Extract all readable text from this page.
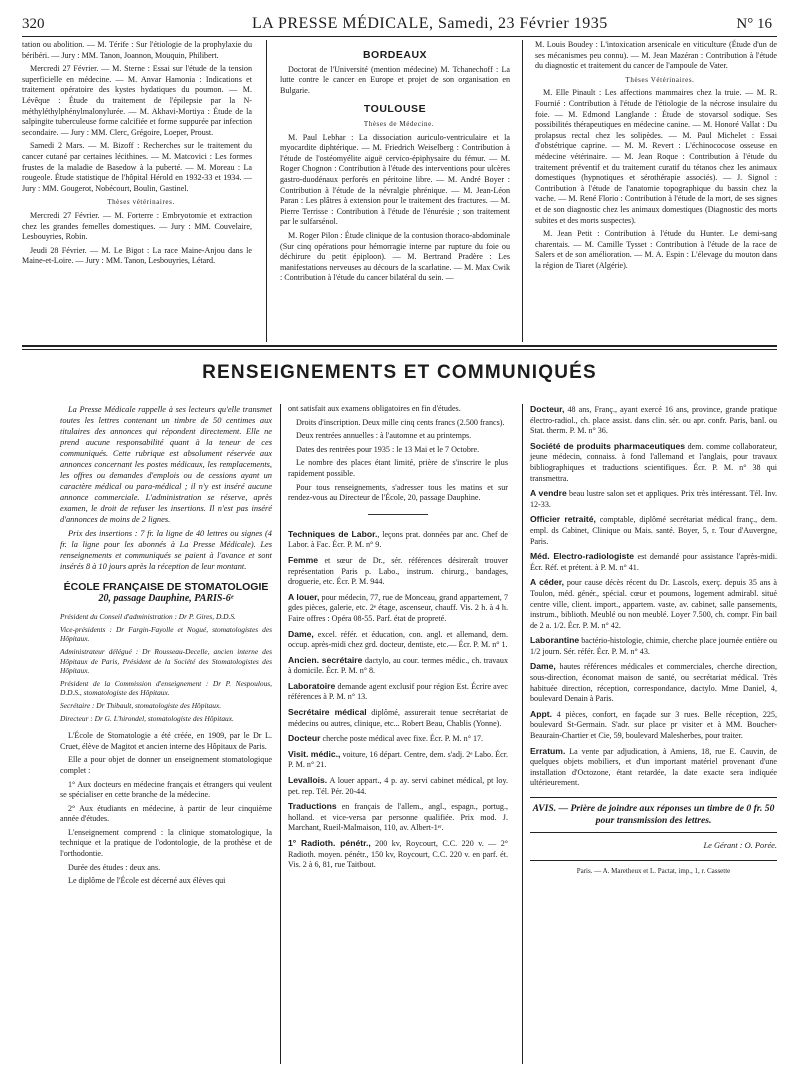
320	LA PRESSE MÉDICALE, Samedi, 23 Février 1935	N° 16

tation ou abolition. — M. Térife : Sur l'étiologie de la prophylaxie du béribéri. — Jury : MM. Tanon, Joannon, Mouquin, Philibert.

Mercredi 27 Février. — M. Sterne : Essai sur l'étude de la tension superficielle en médecine. — M. Anvar Hamonia : Indications et traitement opératoire des kystes hydatiques du poumon. — M. Lévêque : Étude du traitement de l'épilepsie par la N-méthyléthylphénylmalonylurée. — M. Akhavi-Mortiya : Étude de la salpingite tuberculeuse forme calcifiée et forme suppurée par infection secondaire. — Jury : MM. Clerc, Grégoire, Loeper, Proust.

Samedi 2 Mars. — M. Bizoff : Recherches sur le traitement du cancer cutané par certaines lécithines. — M. Matcovici : Les formes frustes de la maladie de Basedow à la puberté. — M. Moreau : La rougeole. Étude statistique de l'hôpital Hérold en 1932-33 et 1934. — Jury : MM. Gougerot, Nobécourt, Boulin, Gastinel.

Thèses vétérinaires.

Mercredi 27 Février. — M. Forterre : Embryotomie et extraction chez les grandes femelles domestiques. — Jury : MM. Couvelaire, Lesbouyries, Robin.

Jeudi 28 Février. — M. Le Bigot : La race Maine-Anjou dans le Maine-et-Loire. — Jury : MM. Tanon, Lesbouyries, Létard.

BORDEAUX

Doctorat de l'Université (mention médecine) M. Tchanechoff : La lutte contre le cancer en Europe et projet de son organisation en Bulgarie.

TOULOUSE

Thèses de Médecine.

M. Paul Lebhar : La dissociation auriculo-ventriculaire et la myocardite diphtérique. — M. Friedrich Weiselberg : Contribution à l'étude de l'ostéomyélite aiguë cervico-épiphysaire du fémur. — M. Roger Chognon : Contribution à l'étude des interventions pour ulcères gastro-duodénaux perforés en péritoine libre. — M. André Boyer : Contribution à l'étude de la névralgie phrénique. — M. Jean-Léon Paran : Les plâtres à extension pour le traitement des fractures. — M. Pierre Terrisse : Contribution à l'étude de l'énurésie ; son traitement par le sulfarsénol.

M. Roger Pilon : Étude clinique de la contusion thoraco-abdominale (Sur cinq opérations pour hémorragie interne par rupture du foie ou déchirure du petit épiploon). — M. Bertrand Pradère : Les manifestations nerveuses au décours de la scarlatine. — M. Max Cwik : Contribution à l'étude du cancer bilatéral du sein. —

M. Louis Boudey : L'intoxication arsenicale en viticulture (Étude d'un de ses mécanismes peu connu). — M. Jean Mazéran : Contribution à l'étude du diagnostic et traitement du cancer de l'ampoule de Vater.

Thèses Vétérinaires.

M. Elle Pinault : Les affections mammaires chez la truie. — M. R. Fournié : Contribution à l'étude de l'étiologie de la nécrose insulaire du foie. — M. Edmond Langlande : Étude de stovarsol sodique. Ses possibilités thérapeutiques en médecine canine. — M. Honoré Vallat : Du prolapsus rectal chez les solipèdes. — M. Paul Michelet : Essai d'obstétrique caprine. — M. M. Revert : L'échinococose osseuse en médecine vétérinaire. — M. Jean Roque : Contribution à l'étude du traitement préventif et du traitement curatif du tétanos chez les animaux domestiques (hypnotiques et sérothérapie associés). — J. Signol : Contribution à l'étude de l'anatomie topographique du bassin chez la vache. — M. René Florio : Contribution à l'étude de la mort, de ses signes et de son diagnostic chez les animaux domestiques (Diagnostic des morts subites et des morts suspectes).

M. Jean Petit : Contribution à l'étude du Hunter. Le demi-sang charentais. — M. Camille Tysset : Contribution à l'étude de la race de Salers et de son amélioration. — M. A. Espin : L'élevage du mouton dans la région de Tiaret (Algérie).

RENSEIGNEMENTS ET COMMUNIQUÉS

La Presse Médicale rappelle à ses lecteurs qu'elle transmet toutes les lettres contenant un timbre de 50 centimes aux titulaires des annonces qui répondent directement. Elle ne prend aucune responsabilité quant à la teneur de ces communiqués. Cette rubrique est absolument réservée aux annonces concernant les postes médicaux, les remplacements, les offres ou demandes d'emplois ou de cessions ayant un caractère médical ou para-médical ; il n'y est inséré aucune annonce commerciale. L'administration se réserve, après examen, le droit de refuser les insertions. Il n'est pas inséré d'annonces de moins de 2 lignes.

Prix des insertions : 7 fr. la ligne de 40 lettres ou signes (4 fr. la ligne pour les abonnés à La Presse Médicale). Les renseignements et communiqués se paient à l'avance et sont insérés 8 à 10 jours après la réception de leur montant.

ÉCOLE FRANÇAISE DE STOMATOLOGIE
20, passage Dauphine, PARIS-6ᵉ

Président du Conseil d'administration : Dr P. Gires, D.D.S.

Vice-présidents : Dr Fargin-Fayolle et Nogué, stomatologistes des Hôpitaux.

Administrateur délégué : Dr Rousseau-Decelle, ancien interne des Hôpitaux de Paris, Président de la Société des Stomatologistes des Hôpitaux.

Président de la Commission d'enseignement : Dr P. Nespoulous, D.D.S., stomatologiste des Hôpitaux.

Secrétaire : Dr Thibault, stomatologiste des Hôpitaux.

Directeur : Dr G. L'hirondel, stomatologiste des Hôpitaux.

L'École de Stomatologie a été créée, en 1909, par le Dr L. Cruet, élève de Magitot et ancien interne des Hôpitaux de Paris.

Elle a pour objet de donner un enseignement stomatologique complet :

1° Aux docteurs en médecine français et étrangers qui veulent se spécialiser en cette branche de la médecine.

2° Aux étudiants en médecine, à partir de leur cinquième année d'études.

L'enseignement comprend : la clinique stomatologique, la technique et la pratique de l'odontologie, de la prothèse et de l'orthodontie.

Durée des études : deux ans.

Le diplôme de l'École est décerné aux élèves qui

ont satisfait aux examens obligatoires en fin d'études.

Droits d'inscription. Deux mille cinq cents francs (2.500 francs).

Deux rentrées annuelles : à l'automne et au printemps.

Dates des rentrées pour 1935 : le 13 Mai et le 7 Octobre.

Le nombre des places étant limité, prière de s'inscrire le plus rapidement possible.

Pour tous renseignements, s'adresser tous les matins et sur rendez-vous au Directeur de l'École, 20, passage Dauphine.

Techniques de Labor., leçons prat. données par anc. Chef de Labor. à Fac. Écr. P. M. n° 9.

Femme et sœur de Dr., sér. références désireraît trouver représentation Paris p. Labo., instrum. chirurg., bandages, droguerie, etc. Écr. P. M. 944.

A louer, pour médecin, 77, rue de Monceau, grand appartement, 7 gdes pièces, galerie, etc. 2ᵉ étage, ascenseur, chauff. Vis. 2 h. à 4 h. Faire offres : Opéra 08-55. Parf. état de propreté.

Dame, excel. référ. et éducation, con. angl. et allemand, dem. occup. après-midi chez grd. docteur, dentiste, etc.— Écr. P. M. n° 1.

Ancien. secrétaire dactylo, au cour. termes médic., ch. travaux à domicile. Écr. P. M. n° 8.

Laboratoire demande agent exclusif pour région Est. Écrire avec références à P. M. n° 13.

Secrétaire médical diplômé, assurerait tenue secrétariat de médecins ou autres, clinique, etc... Robert Beau, Chablis (Yonne).

Docteur cherche poste médical avec fixe. Écr. P. M. n° 17.

Visit. médic., voiture, 16 départ. Centre, dem. s'adj. 2ᵉ Labo. Écr. P. M. n° 21.

Levallois. A louer appart., 4 p. ay. servi cabinet médical, pt loy. pet. rep. Tél. Pér. 20-44.

Traductions en français de l'allem., angl., espagn., portug., holland. et vice-versa par personne qualifiée. Prix mod. J. Marchant, Rueil-Malmaison, 110, av. Albert-1ᵉʳ.

1° Radioth. pénétr., 200 kv, Roycourt, C.C. 220 v. — 2° Radioth. moyen. pénétr., 150 kv, Roycourt, C.C. 220 v. en parf. ét. Vis. 2 à 6, 81, rue Taitbout.

Docteur, 48 ans, Franç., ayant exercé 16 ans, province, grande pratique électro-radiol., ch. place assist. dans clin. sér. ou apr. confr. Paris, banl. ou Stat. therm. P. M. n° 36.

Société de produits pharmaceutiques dem. comme collaborateur, jeune médecin, connaiss. à fond l'allemand et l'anglais, pour travaux bibliographiques et traductions scientifiques. Écr. P. M. n° 38 qui transmettra.

A vendre beau lustre salon set et appliques. Prix très intéressant. Tél. Inv. 12-33.

Officier retraité, comptable, diplômé secrétariat médical franç., dem. empl. ds Cabinet, Clinique ou Mais. santé. Boyer, 5, r. Tour d'Auvergne, Paris.

Méd. Electro-radiologiste est demandé pour assistance l'après-midi. Écr. Réf. et prétent. à P. M. n° 41.

A céder, pour cause décès récent du Dr. Lascols, exerç. depuis 35 ans à Toulon, méd. génér., spécial. cœur et poumons, logement admirabl. situé centre ville, client. import., appartem. vaste, av. cabinet, salle pansements, instrum., biblioth. Meublé ou non meublé. Loyer 7.500, ch. compr. Fin bail de 2 a. 1/2. Écr. P. M. n° 42.

Laborantine bactério-histologie, chimie, cherche place journée entière ou 1/2 journ. Sér. référ. Écr. P. M. n° 43.

Dame, hautes références médicales et commerciales, cherche direction, sous-direction, économat maison de santé, ou secrétariat médical. Très habituée direction, réception, correspondance, dactylo. Mme Daniel, 4, boulevard Denain à Paris.

Appt. 4 pièces, confort, en façade sur 3 rues. Belle réception, 225, boulevard St-Germain. S'adr. sur place pr visiter et à MM. Boucher-Beaurain-Chartier et Cie, 59, boulevard Malesherbes, pour traiter.

Erratum. La vente par adjudication, à Amiens, 18, rue E. Cauvin, de quelques objets mobiliers, et d'un important matériel provenant d'une installation d'Octozone, étant retardée, la date exacte sera indiquée ultérieurement.

AVIS. — Prière de joindre aux réponses un timbre de 0 fr. 50 pour transmission des lettres.
Le Gérant : O. Porée.
Paris. — A. Maretheux et L. Pactat, imp., 1, r. Cassette
